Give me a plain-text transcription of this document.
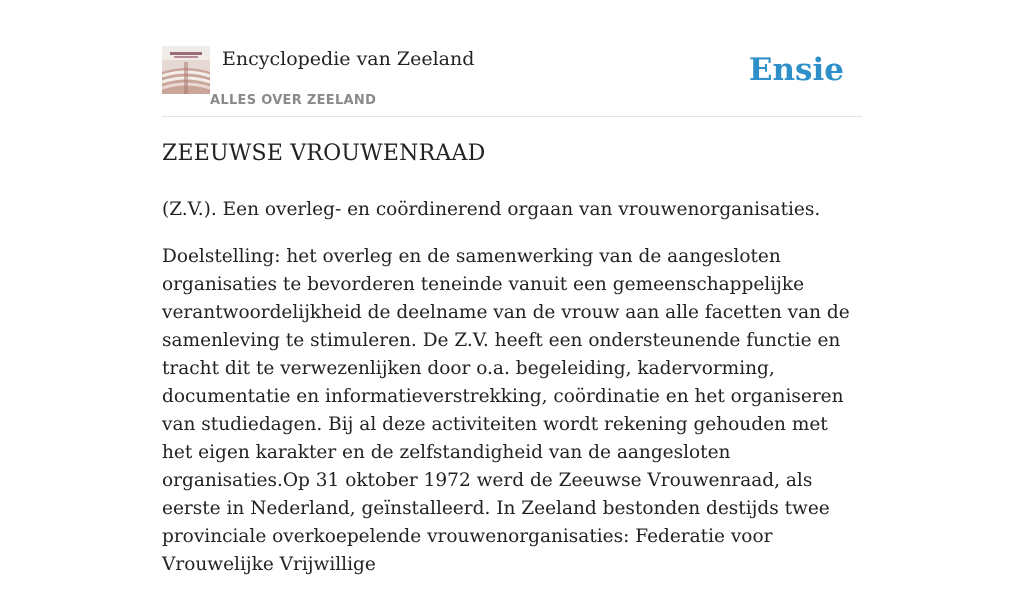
Encyclopedie van Zeeland
ALLES OVER ZEELAND
Ensie
ZEEUWSE VROUWENRAAD

(Z.V.). Een overleg- en coördinerend orgaan van vrouwenorganisaties.

Doelstelling: het overleg en de samenwerking van de aangesloten organisaties te bevorderen teneinde vanuit een gemeenschappelijke verantwoordelijkheid de deelname van de vrouw aan alle facetten van de samenleving te stimuleren. De Z.V. heeft een ondersteunende functie en tracht dit te verwezenlijken door o.a. begeleiding, kadervorming, documentatie en informatieverstrekking, coördinatie en het organiseren van studiedagen. Bij al deze activiteiten wordt rekening gehouden met het eigen karakter en de zelfstandigheid van de aangesloten organisaties.Op 31 oktober 1972 werd de Zeeuwse Vrouwenraad, als eerste in Nederland, geïnstalleerd. In Zeeland bestonden destijds twee provinciale overkoepelende vrouwenorganisaties: Federatie voor Vrouwelijke Vrijwillige
